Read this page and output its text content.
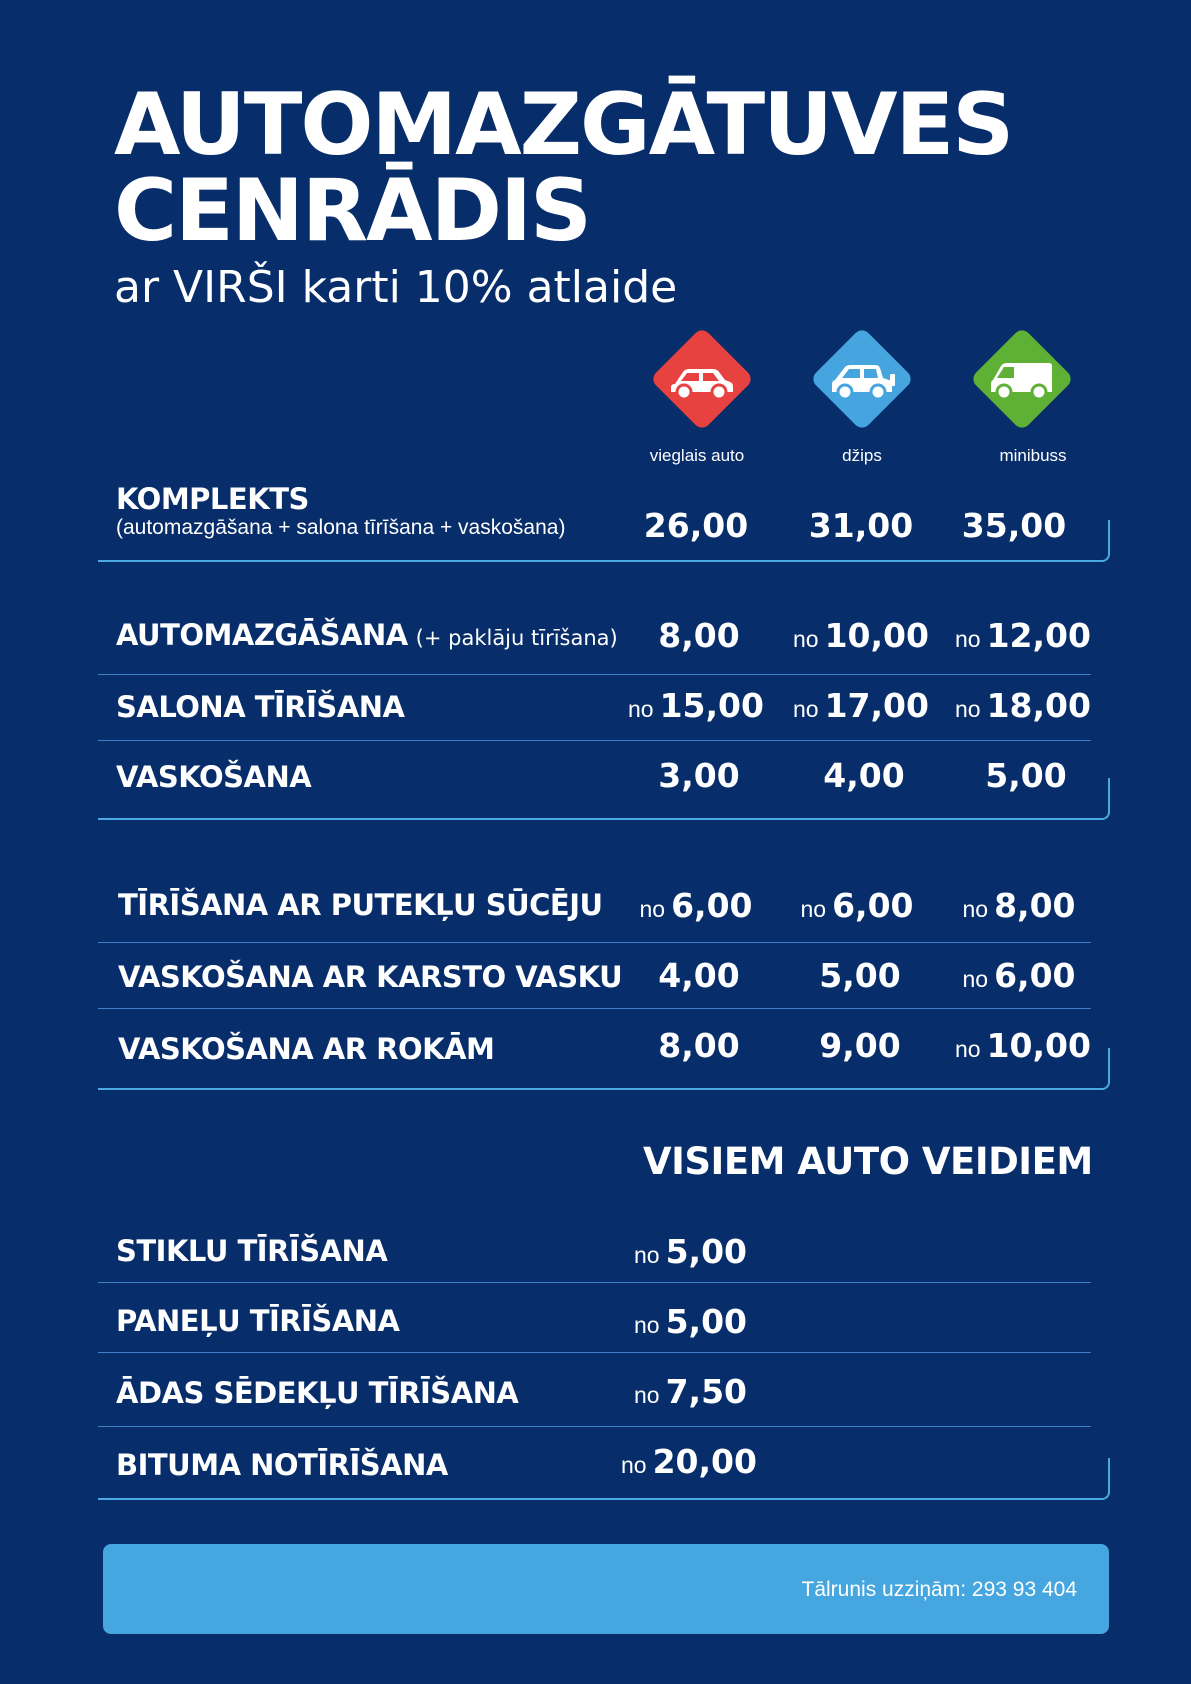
AUTOMAZGĀTUVES
CENRĀDIS
ar VIRŠI karti 10% atlaide
vieglais auto	džips	minibuss
KOMPLEKTS
(automazgāšana + salona tīrīšana + vaskošana)	26,00	31,00	35,00
AUTOMAZGĀŠANA (+ paklāju tīrīšana)	8,00	no 10,00	no 12,00
SALONA TĪRĪŠANA	no 15,00	no 17,00	no 18,00
VASKOŠANA	3,00	4,00	5,00
TĪRĪŠANA AR PUTEKĻU SŪCĒJU	no 6,00	no 6,00	no 8,00
VASKOŠANA AR KARSTO VASKU	4,00	5,00	no 6,00
VASKOŠANA AR ROKĀM	8,00	9,00	no 10,00
VISIEM AUTO VEIDIEM
STIKLU TĪRĪŠANA	no 5,00
PANEĻU TĪRĪŠANA	no 5,00
ĀDAS SĒDEKĻU TĪRĪŠANA	no 7,50
BITUMA NOTĪRĪŠANA	no 20,00
Tālrunis uzziņām: 293 93 404
